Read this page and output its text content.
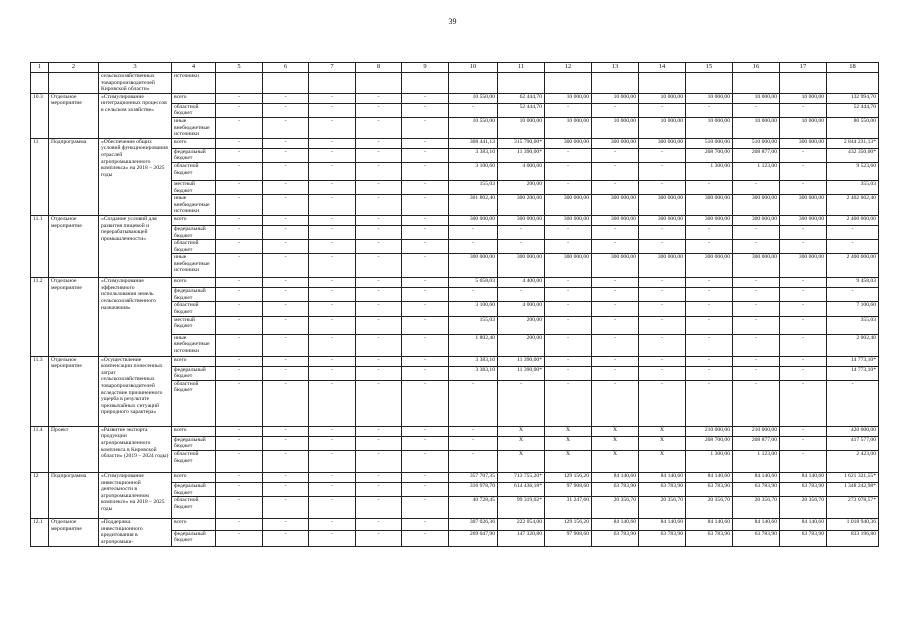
39
1	2	3	4	5	6	7	8	9	10	11	12	13	14	15	16	17	18
		сельскохозяйственных товаропроизводителей Кировской области»	источники														
10.3	Отдельное мероприятие	«Стимулирование интеграционных процессов в сельском хозяйстве»	всего	-	-	-	-	-	10 550,00	62 444,70	10 000,00	10 000,00	10 000,00	10 000,00	10 000,00	10 000,00	132 994,70
			областной бюджет	-	-	-	-	-	-	52 444,70	-	-	-	-	-	-	52 444,70
			иные внебюджетные источники	-	-	-	-	-	10 550,00	10 000,00	10 000,00	10 000,00	10 000,00	10 000,00	10 000,00	10 000,00	80 550,00
11	Подпрограмма	«Обеспечение общих условий функционирования отраслей агропромышленного комплекса» на 2018 – 2025 годы	всего	-	-	-	-	-	308 441,13	315 790,00*	300 000,00	300 000,00	300 000,00	510 000,00	510 000,00	300 000,00	2 844 231,13*
			федеральный бюджет	-	-	-	-	-	3 383,10	11 390,00*	-	-	-	208 700,00	208 877,00	-	432 350,00*
			областной бюджет	-	-	-	-	-	3 100,60	4 000,00	-	-	-	1 300,00	1 123,00	-	9 523,60
			местный бюджет	-	-	-	-	-	155,03	200,00	-	-	-	-	-	-	355,03
			иные внебюджетные источники	-	-	-	-	-	301 802,40	300 200,00	300 000,00	300 000,00	300 000,00	300 000,00	300 000,00	300 000,00	2 402 002,40
11.1	Отдельное мероприятие	«Создание условий для развития пищевой и перерабатывающей промышленности»	всего	-	-	-	-	-	300 000,00	300 000,00	300 000,00	300 000,00	300 000,00	300 000,00	300 000,00	300 000,00	2 400 000,00
			федеральный бюджет	-	-	-	-	-	-	-	-	-	-	-	-	-	-
			областной бюджет	-	-	-	-	-	-	-	-	-	-	-	-	-	-
			иные внебюджетные источники	-	-	-	-	-	300 000,00	300 000,00	300 000,00	300 000,00	300 000,00	300 000,00	300 000,00	300 000,00	2 400 000,00
11.2	Отдельное мероприятие	«Стимулирование эффективного использования земель сельскохозяйственного назначения»	всего	-	-	-	-	-	5 058,03	4 400,00	-	-	-	-	-	-	9 458,03
			федеральный бюджет	-	-	-	-	-	-	-	-	-	-	-	-	-	-
			областной бюджет	-	-	-	-	-	3 100,60	4 000,00	-	-	-	-	-	-	7 100,60
			местный бюджет	-	-	-	-	-	155,03	200,00	-	-	-	-	-	-	355,03
			иные внебюджетные источники	-	-	-	-	-	1 802,40	200,00	-	-	-	-	-	-	2 002,40
11.3	Отдельное мероприятие	«Осуществление компенсации понесенных затрат сельскохозяйственных товаропроизводителей вследствие причиненного ущерба в результате чрезвычайных ситуаций природного характера»	всего	-	-	-	-	-	3 383,10	11 390,00*	-	-	-	-	-	-	14 773,10*
			федеральный бюджет	-	-	-	-	-	3 383,10	11 390,00*	-	-	-	-	-	-	14 773,10*
			областной бюджет	-	-	-	-	-	-	-	-	-	-	-	-	-	-
11.4	Проект	«Развитие экспорта продукции агропромышленного комплекса в Кировской области» (2019 – 2024 годы)	всего	-	-	-	-	-	-	Х	Х	Х	Х	210 000,00	210 000,00	-	420 000,00
			федеральный бюджет	-	-	-	-	-	-	Х	Х	Х	Х	208 700,00	208 877,00	-	417 577,00
			областной бюджет	-	-	-	-	-	-	Х	Х	Х	Х	1 300,00	1 123,00	-	2 423,00
12	Подпрограмма	«Стимулирование инвестиционной деятельности в агропромышленном комплексе» на 2018 – 2025 годы	всего	-	-	-	-	-	357 707,35	713 755,20*	129 156,20	84 140,60	84 140,60	84 140,60	84 140,60	84 140,60	1 621 321,55*
			федеральный бюджет	-	-	-	-	-	316 978,70	614 436,18*	97 908,60	63 783,90	63 783,90	63 783,90	63 783,90	63 783,90	1 348 242,98*
			областной бюджет	-	-	-	-	-	40 728,45	99 319,02*	31 247,60	20 356,70	20 356,70	20 356,70	20 356,70	20 356,70	273 078,57*
12.1	Отдельное мероприятие	«Поддержка инвестиционного кредитования в агропромыш-	всего	-	-	-	-	-	307 026,36	222 054,00	129 156,20	84 140,60	84 140,60	84 140,60	84 140,60	84 140,60	1 018 940,36
			федеральный бюджет	-	-	-	-	-	269 047,90	147 320,80	97 908,60	63 783,90	63 783,90	63 783,90	63 783,90	63 783,90	833 196,80
